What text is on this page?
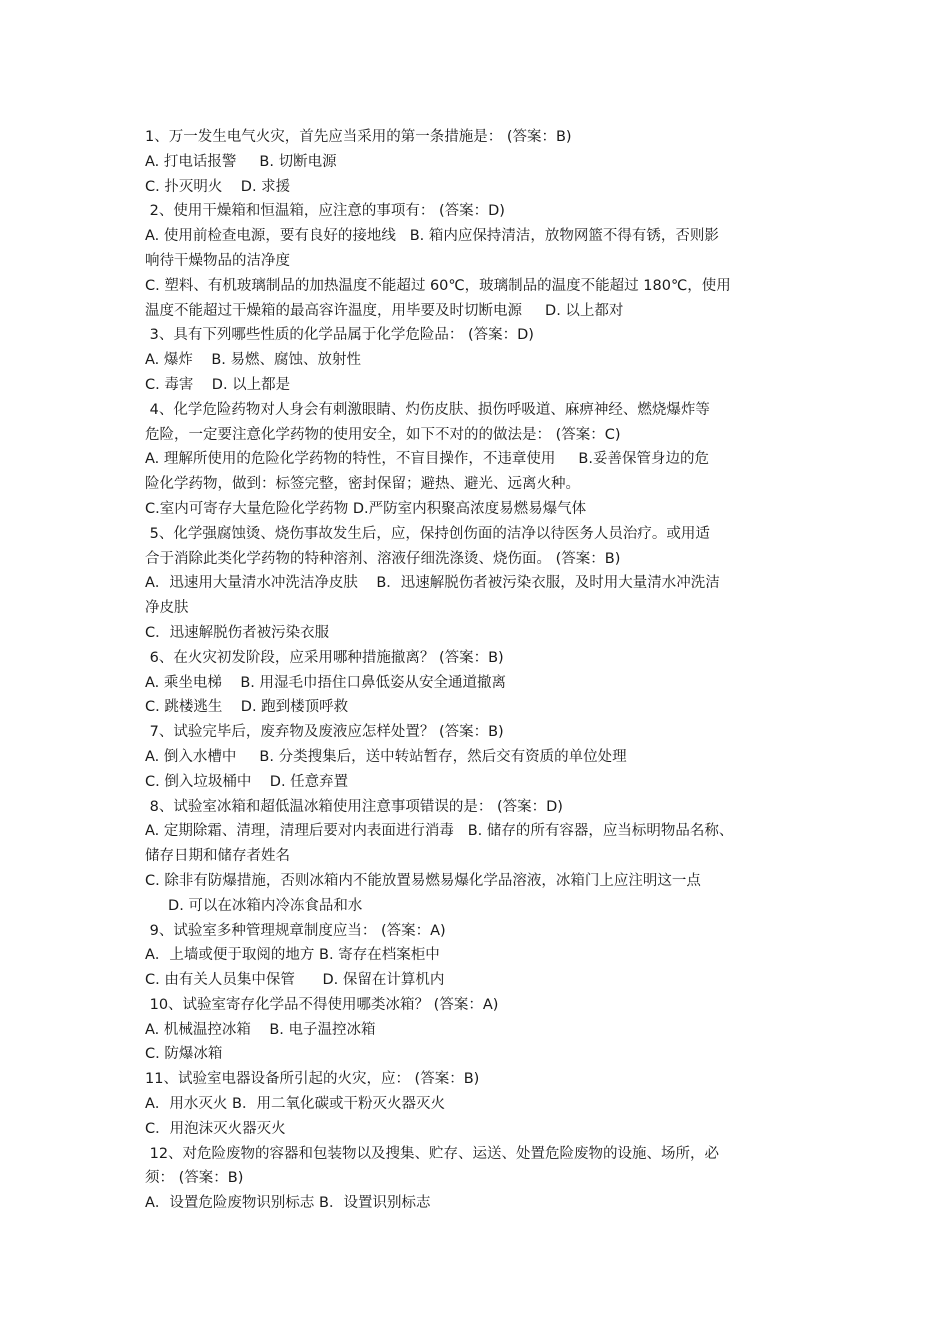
1、万一发生电气火灾，首先应当采用的第一条措施是： (答案：B)

A. 打电话报警     B. 切断电源

C. 扑灭明火    D. 求援

2、使用干燥箱和恒温箱，应注意的事项有： (答案：D)

A. 使用前检查电源，要有良好的接地线   B. 箱内应保持清洁，放物网篮不得有锈，否则影

响待干燥物品的洁净度

C. 塑料、有机玻璃制品的加热温度不能超过 60℃，玻璃制品的温度不能超过 180℃，使用

温度不能超过干燥箱的最高容许温度，用毕要及时切断电源     D. 以上都对

3、具有下列哪些性质的化学品属于化学危险品： (答案：D)

A. 爆炸    B. 易燃、腐蚀、放射性

C. 毒害    D. 以上都是

4、化学危险药物对人身会有刺激眼睛、灼伤皮肤、损伤呼吸道、麻痹神经、燃烧爆炸等

危险，一定要注意化学药物的使用安全，如下不对的的做法是： (答案：C)

A. 理解所使用的危险化学药物的特性，不盲目操作，不违章使用     B.妥善保管身边的危

险化学药物，做到：标签完整，密封保留；避热、避光、远离火种。

C.室内可寄存大量危险化学药物 D.严防室内积聚高浓度易燃易爆气体

5、化学强腐蚀烫、烧伤事故发生后，应，保持创伤面的洁净以待医务人员治疗。或用适

合于消除此类化学药物的特种溶剂、溶液仔细洗涤烫、烧伤面。 (答案：B)

A．迅速用大量清水冲洗洁净皮肤    B．迅速解脱伤者被污染衣服，及时用大量清水冲洗洁

净皮肤

C．迅速解脱伤者被污染衣服

6、在火灾初发阶段，应采用哪种措施撤离？ (答案：B)

A. 乘坐电梯    B. 用湿毛巾捂住口鼻低姿从安全通道撤离

C. 跳楼逃生    D. 跑到楼顶呼救

7、试验完毕后，废弃物及废液应怎样处置？ (答案：B)

A. 倒入水槽中     B. 分类搜集后，送中转站暂存，然后交有资质的单位处理

C. 倒入垃圾桶中    D. 任意弃置

8、试验室冰箱和超低温冰箱使用注意事项错误的是： (答案：D)

A. 定期除霜、清理，清理后要对内表面进行消毒   B. 储存的所有容器，应当标明物品名称、

储存日期和储存者姓名

C. 除非有防爆措施，否则冰箱内不能放置易燃易爆化学品溶液，冰箱门上应注明这一点

D. 可以在冰箱内冷冻食品和水

9、试验室多种管理规章制度应当： (答案：A)

A．上墙或便于取阅的地方 B. 寄存在档案柜中

C. 由有关人员集中保管      D. 保留在计算机内

10、试验室寄存化学品不得使用哪类冰箱？ (答案：A)

A. 机械温控冰箱    B. 电子温控冰箱

C. 防爆冰箱

11、试验室电器设备所引起的火灾，应： (答案：B)

A．用水灭火 B．用二氧化碳或干粉灭火器灭火

C．用泡沫灭火器灭火

12、对危险废物的容器和包装物以及搜集、贮存、运送、处置危险废物的设施、场所，必

须： (答案：B)

A．设置危险废物识别标志 B．设置识别标志
